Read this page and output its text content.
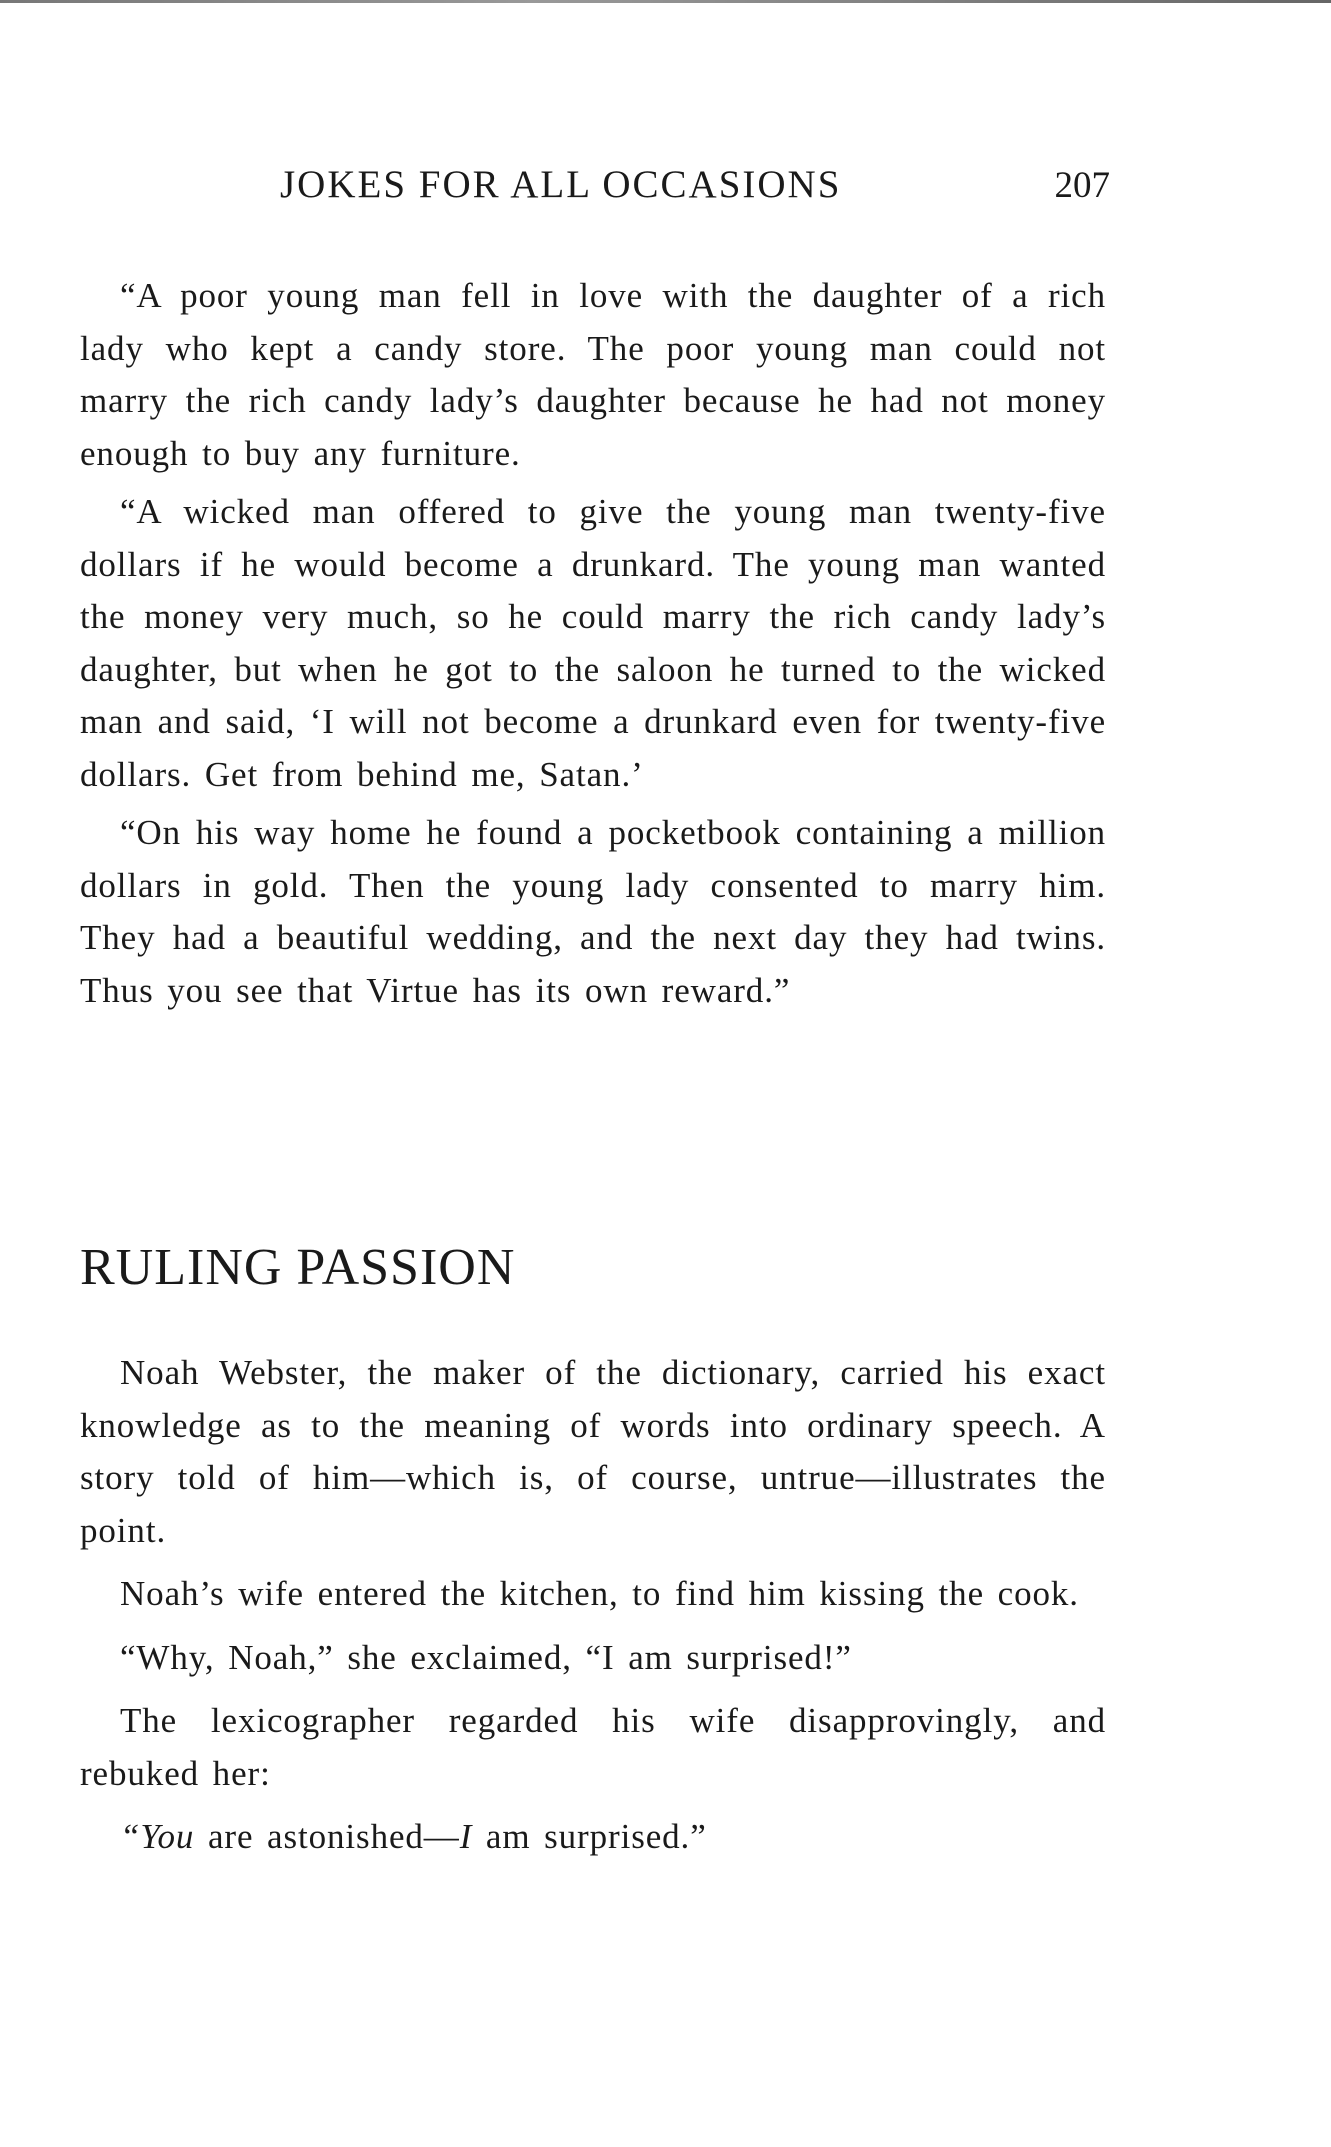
JOKES FOR ALL OCCASIONS	207

“A poor young man fell in love with the daughter of a rich lady who kept a candy store. The poor young man could not marry the rich candy lady’s daughter because he had not money enough to buy any furniture.

“A wicked man offered to give the young man twenty-five dollars if he would become a drunkard. The young man wanted the money very much, so he could marry the rich candy lady’s daughter, but when he got to the saloon he turned to the wicked man and said, ‘I will not become a drunkard even for twenty-five dollars. Get from behind me, Satan.’

“On his way home he found a pocketbook containing a million dollars in gold. Then the young lady consented to marry him. They had a beautiful wedding, and the next day they had twins. Thus you see that Virtue has its own reward.”

RULING PASSION

Noah Webster, the maker of the dictionary, carried his exact knowledge as to the meaning of words into ordinary speech. A story told of him—which is, of course, untrue—illustrates the point.

Noah’s wife entered the kitchen, to find him kissing the cook.

“Why, Noah,” she exclaimed, “I am surprised!”

The lexicographer regarded his wife disapprovingly, and rebuked her:

“You are astonished—I am surprised.”
